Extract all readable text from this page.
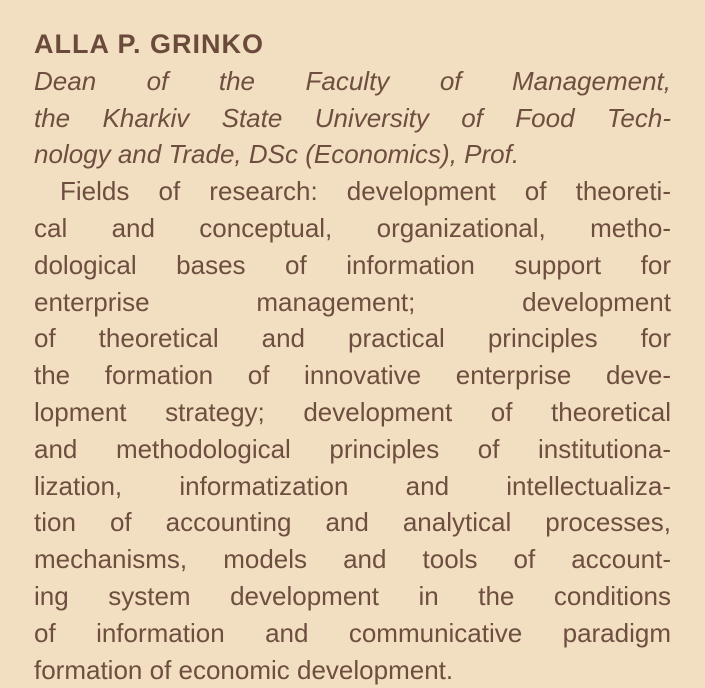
ALLA P. GRINKO
Dean of the Faculty of Management,
the Kharkiv State University of Food Tech-
nology and Trade, DSc (Economics), Prof.
Fields of research: development of theoreti-
cal and conceptual, organizational, metho-
dological bases of information support for
enterprise management; development
of theoretical and practical principles for
the formation of innovative enterprise deve-
lopment strategy; development of theoretical
and methodological principles of institutiona-
lization, informatization and intellectualiza-
tion of accounting and analytical processes,
mechanisms, models and tools of account-
ing system development in the conditions
of information and communicative paradigm
formation of economic development.
